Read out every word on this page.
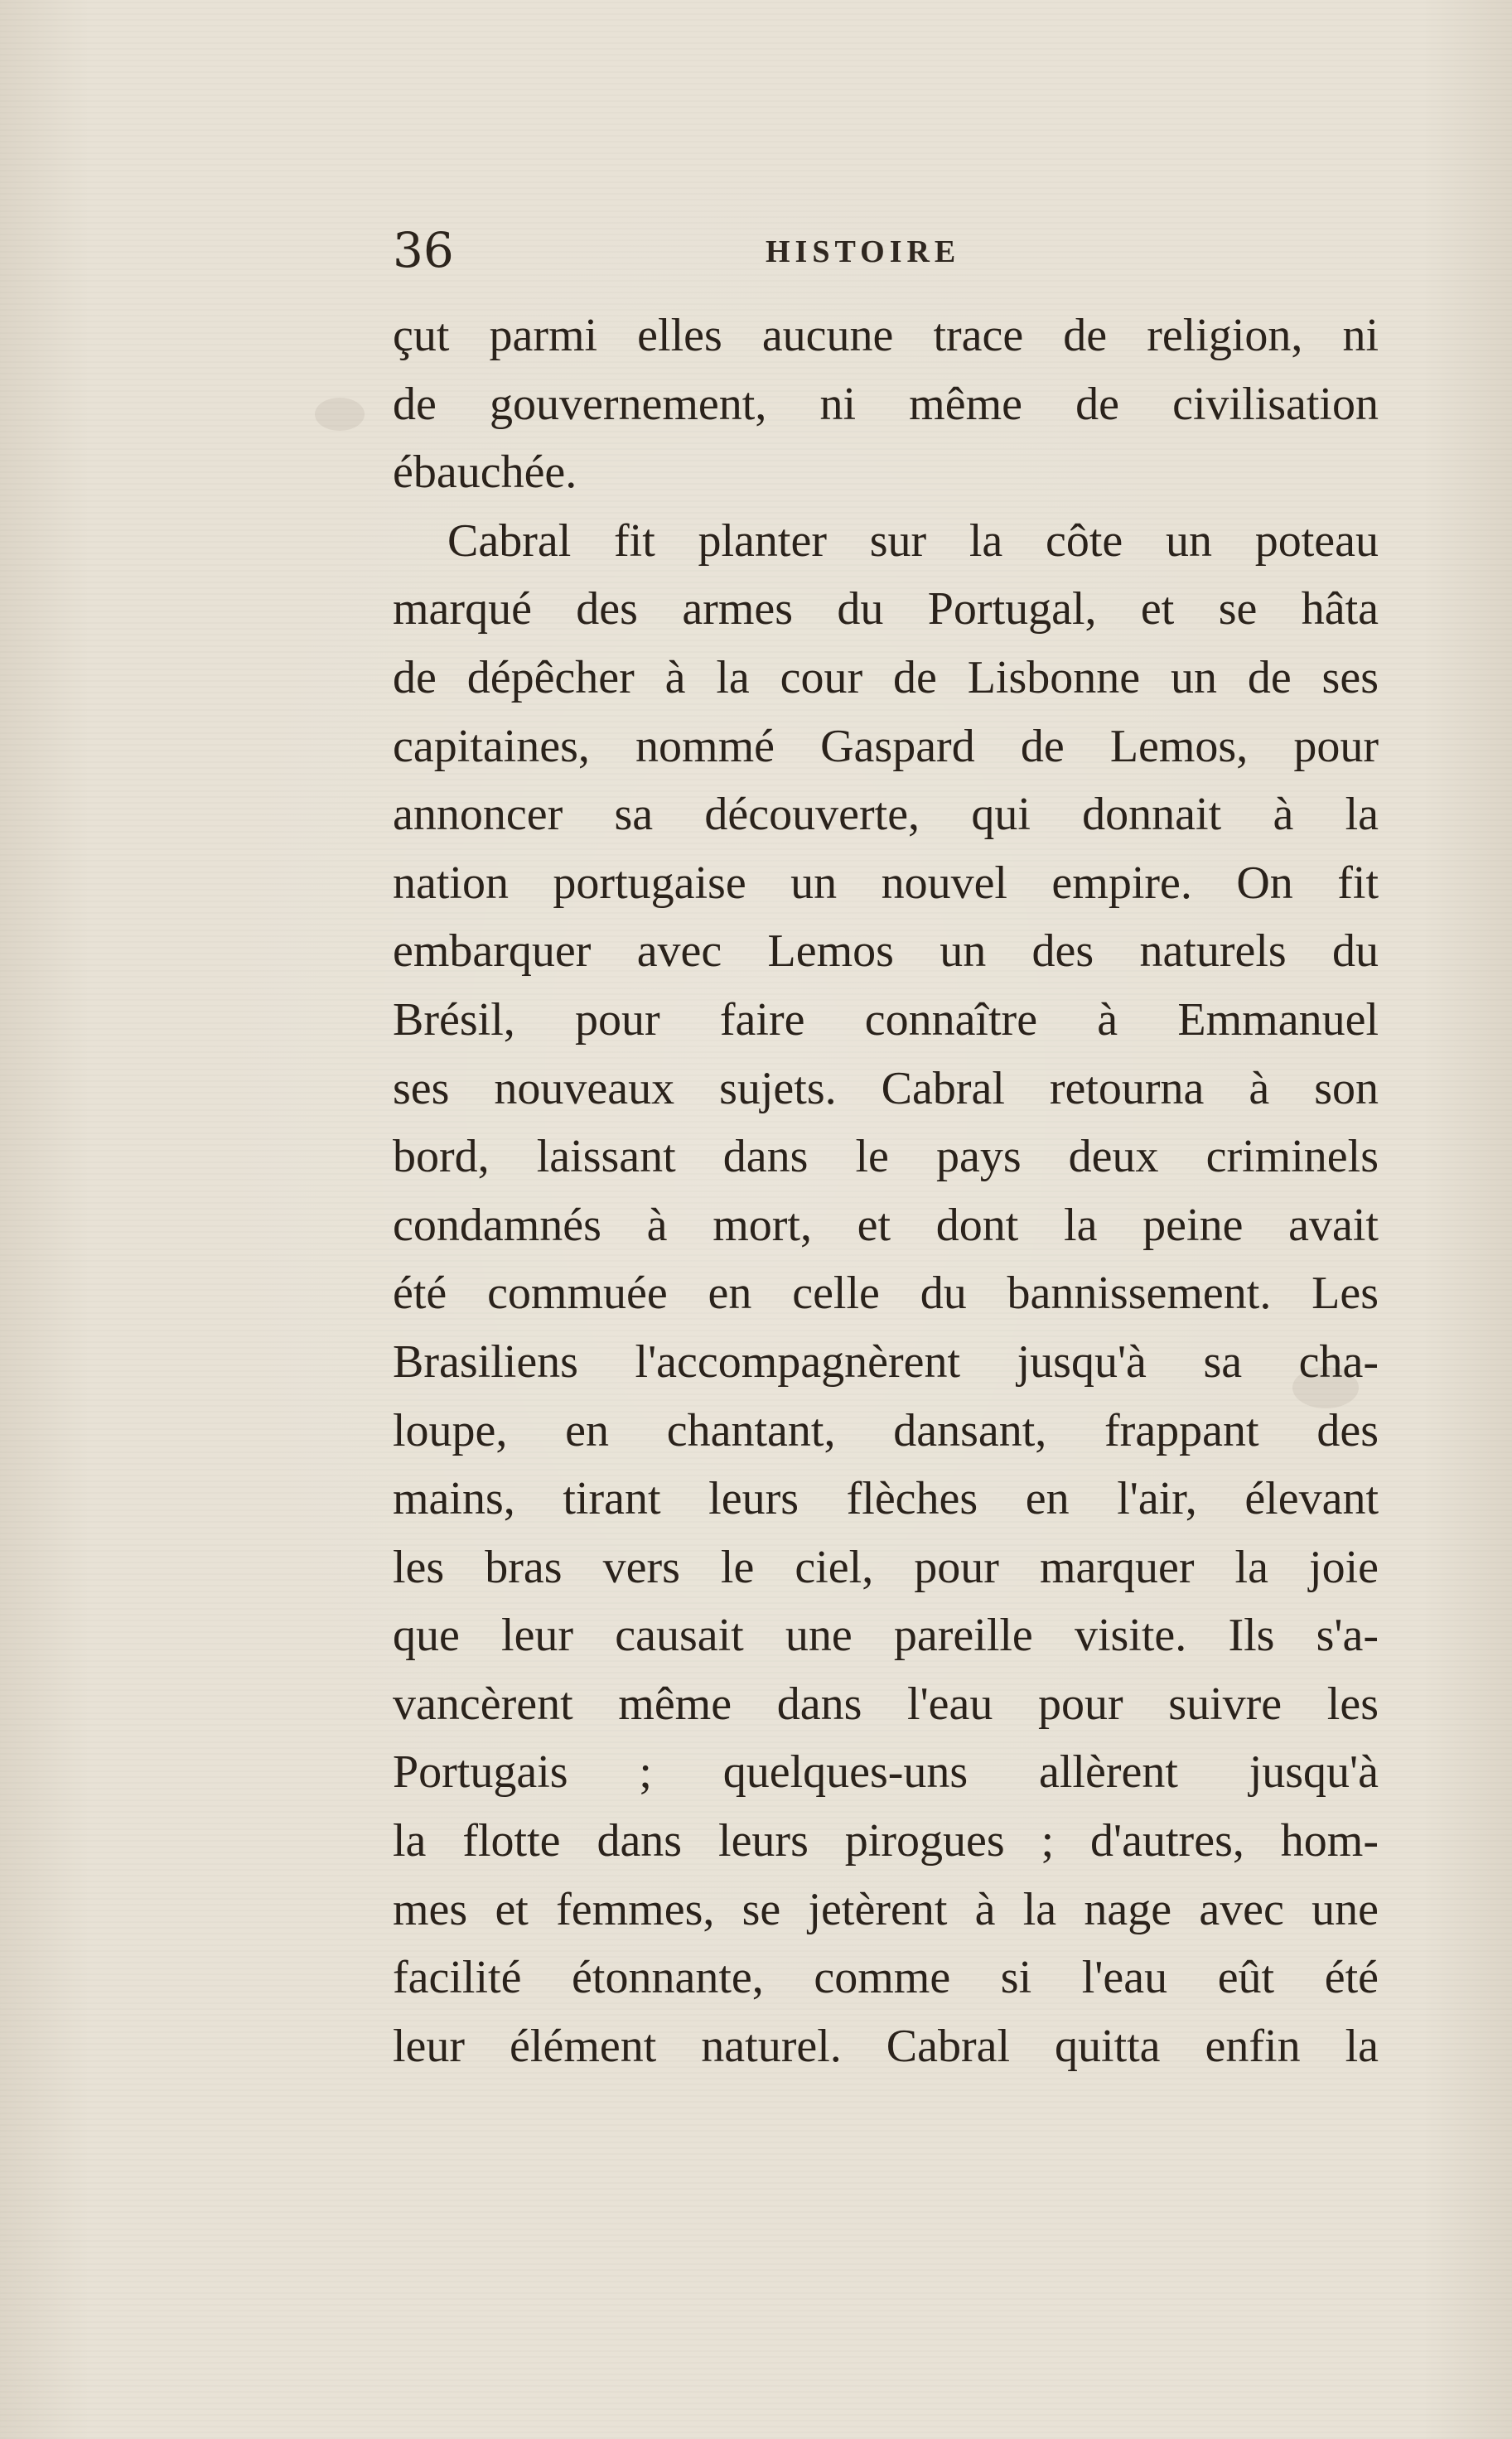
36	HISTOIRE
çut parmi elles aucune trace de religion, ni
de gouvernement, ni même de civilisation
ébauchée.
Cabral fit planter sur la côte un poteau
marqué des armes du Portugal, et se hâta
de dépêcher à la cour de Lisbonne un de ses
capitaines, nommé Gaspard de Lemos, pour
annoncer sa découverte, qui donnait à la
nation portugaise un nouvel empire. On fit
embarquer avec Lemos un des naturels du
Brésil, pour faire connaître à Emmanuel
ses nouveaux sujets. Cabral retourna à son
bord, laissant dans le pays deux criminels
condamnés à mort, et dont la peine avait
été commuée en celle du bannissement. Les
Brasiliens l'accompagnèrent jusqu'à sa cha-
loupe, en chantant, dansant, frappant des
mains, tirant leurs flèches en l'air, élevant
les bras vers le ciel, pour marquer la joie
que leur causait une pareille visite. Ils s'a-
vancèrent même dans l'eau pour suivre les
Portugais ; quelques-uns allèrent jusqu'à
la flotte dans leurs pirogues ; d'autres, hom-
mes et femmes, se jetèrent à la nage avec une
facilité étonnante, comme si l'eau eût été
leur élément naturel. Cabral quitta enfin la
